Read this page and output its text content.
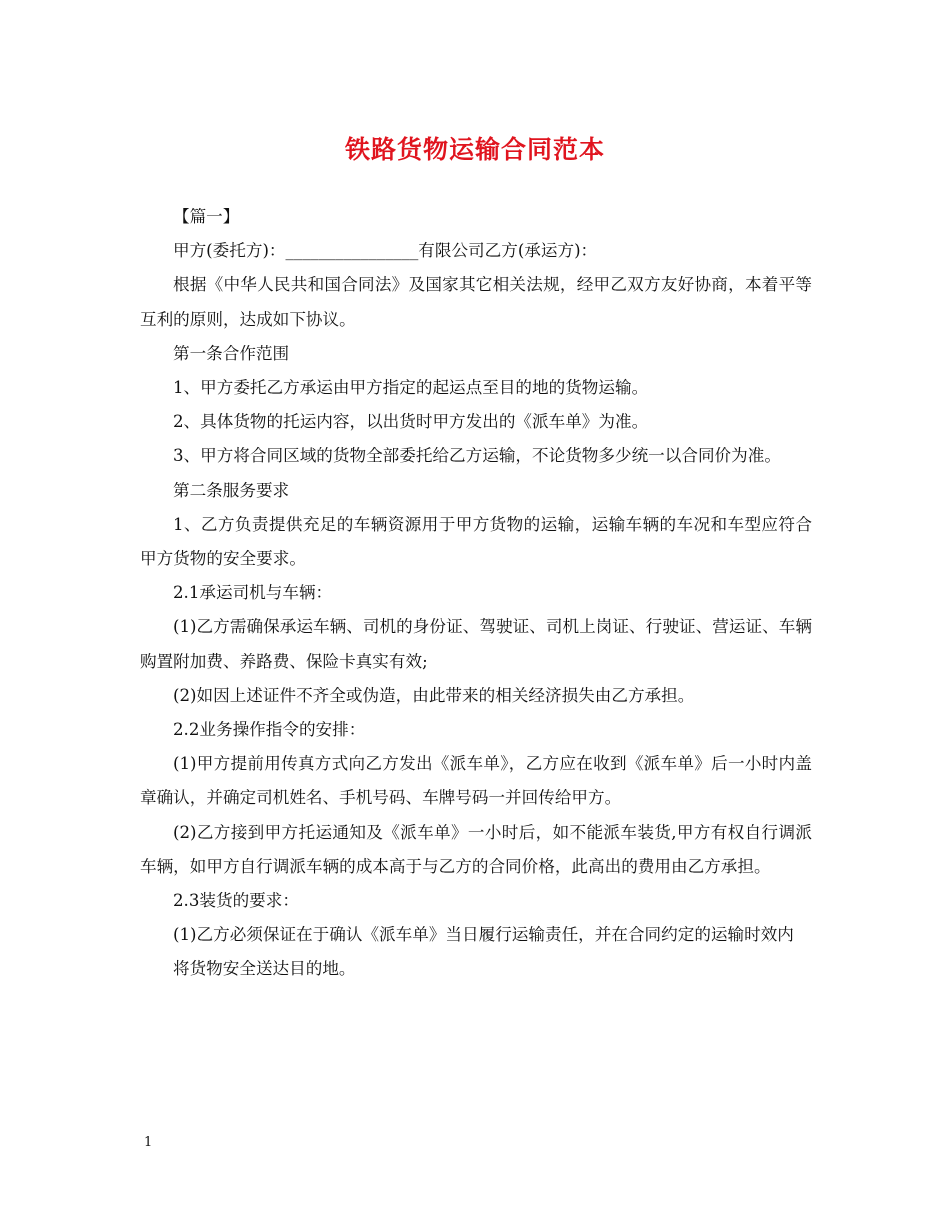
铁路货物运输合同范本

【篇一】

甲方(委托方)：________________有限公司乙方(承运方)：

根据《中华人民共和国合同法》及国家其它相关法规，经甲乙双方友好协商，本着平等互利的原则，达成如下协议。

第一条合作范围

1、甲方委托乙方承运由甲方指定的起运点至目的地的货物运输。

2、具体货物的托运内容，以出货时甲方发出的《派车单》为准。

3、甲方将合同区域的货物全部委托给乙方运输，不论货物多少统一以合同价为准。

第二条服务要求

1、乙方负责提供充足的车辆资源用于甲方货物的运输，运输车辆的车况和车型应符合甲方货物的安全要求。

2.1承运司机与车辆：

(1)乙方需确保承运车辆、司机的身份证、驾驶证、司机上岗证、行驶证、营运证、车辆购置附加费、养路费、保险卡真实有效;

(2)如因上述证件不齐全或伪造，由此带来的相关经济损失由乙方承担。

2.2业务操作指令的安排：

(1)甲方提前用传真方式向乙方发出《派车单》，乙方应在收到《派车单》后一小时内盖章确认，并确定司机姓名、手机号码、车牌号码一并回传给甲方。

(2)乙方接到甲方托运通知及《派车单》一小时后，如不能派车装货,甲方有权自行调派车辆，如甲方自行调派车辆的成本高于与乙方的合同价格，此高出的费用由乙方承担。

2.3装货的要求：

(1)乙方必须保证在于确认《派车单》当日履行运输责任，并在合同约定的运输时效内

将货物安全送达目的地。

1
